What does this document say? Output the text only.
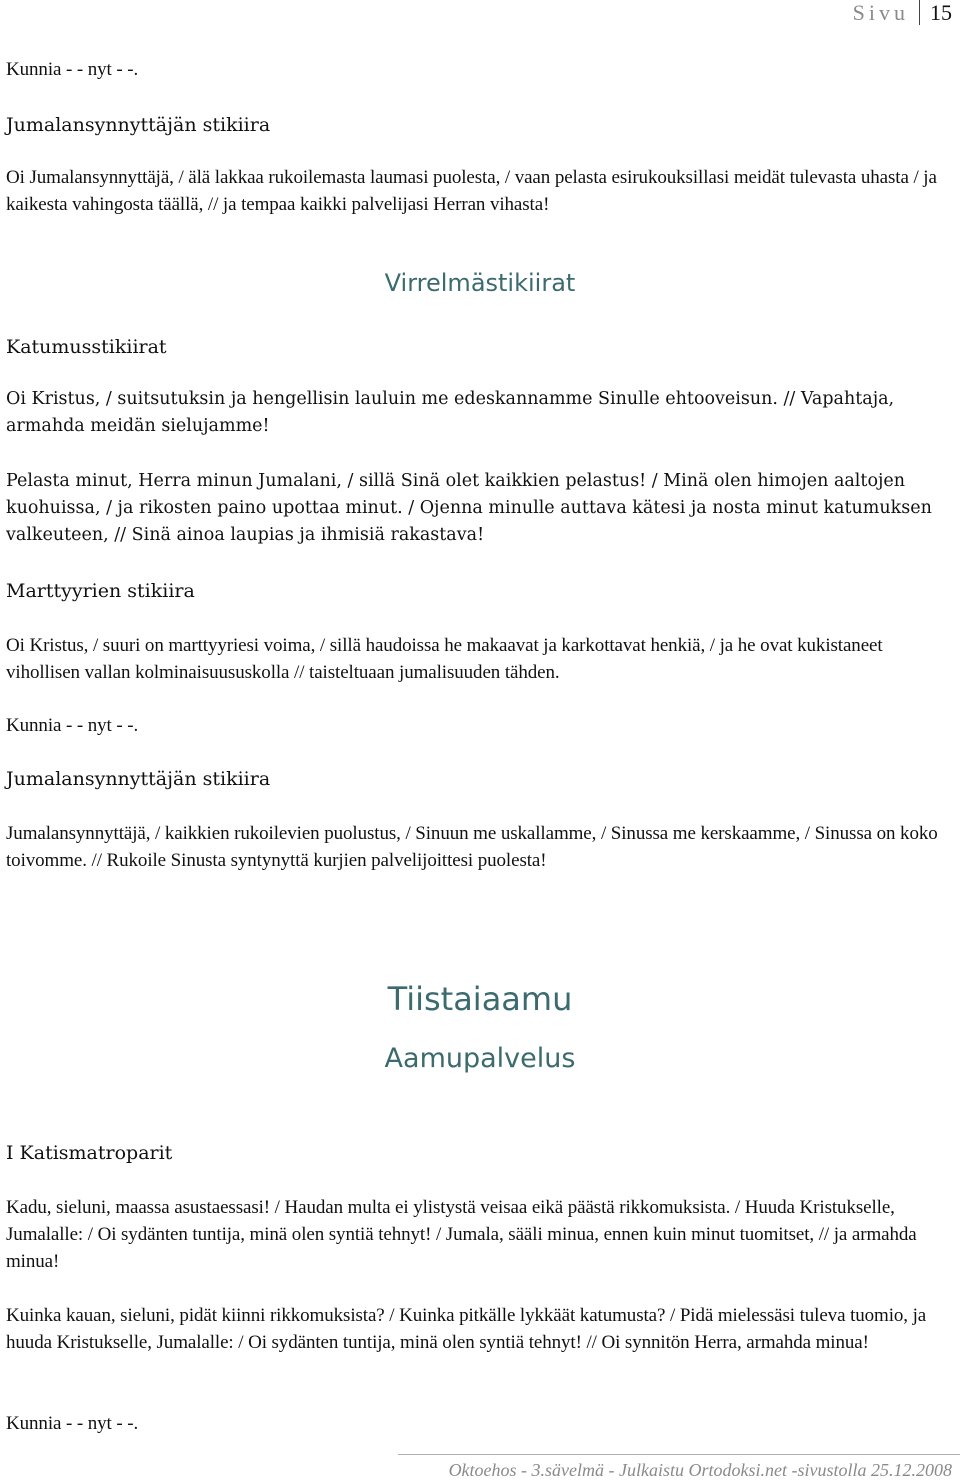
Sivu 15

Kunnia - - nyt - -.

Jumalansynnyttäjän stikiira

Oi Jumalansynnyttäjä, / älä lakkaa rukoilemasta laumasi puolesta, / vaan pelasta esirukouksillasi meidät tulevasta uhasta / ja kaikesta vahingosta täällä, // ja tempaa kaikki palvelijasi Herran vihasta!

Virrelmästikiirat

Katumusstikiirat

Oi Kristus, / suitsutuksin ja hengellisin lauluin me edeskannamme Sinulle ehtooveisun. // Vapahtaja, armahda meidän sielujamme!

Pelasta minut, Herra minun Jumalani, / sillä Sinä olet kaikkien pelastus! / Minä olen himojen aaltojen kuohuissa, / ja rikosten paino upottaa minut. / Ojenna minulle auttava kätesi ja nosta minut katumuksen valkeuteen, // Sinä ainoa laupias ja ihmisiä rakastava!

Marttyyrien stikiira

Oi Kristus, / suuri on marttyyriesi voima, / sillä haudoissa he makaavat ja karkottavat henkiä, / ja he ovat kukistaneet vihollisen vallan kolminaisuususkolla // taisteltuaan jumalisuuden tähden.

Kunnia - - nyt - -.

Jumalansynnyttäjän stikiira

Jumalansynnyttäjä, / kaikkien rukoilevien puolustus, / Sinuun me uskallamme, / Sinussa me kerskaamme, / Sinussa on koko toivomme. // Rukoile Sinusta syntynyttä kurjien palvelijoittesi puolesta!

Tiistaiaamu

Aamupalvelus

I Katismatroparit

Kadu, sieluni, maassa asustaessasi! / Haudan multa ei ylistystä veisaa eikä päästä rikkomuksista. / Huuda Kristukselle, Jumalalle: / Oi sydänten tuntija, minä olen syntiä tehnyt! / Jumala, sääli minua, ennen kuin minut tuomitset, // ja armahda minua!

Kuinka kauan, sieluni, pidät kiinni rikkomuksista? / Kuinka pitkälle lykkäät katumusta? / Pidä mielessäsi tuleva tuomio, ja huuda Kristukselle, Jumalalle: / Oi sydänten tuntija, minä olen syntiä tehnyt! // Oi synnitön Herra, armahda minua!

Kunnia - - nyt - -.

Oktoehos - 3.sävelmä - Julkaistu Ortodoksi.net -sivustolla 25.12.2008
